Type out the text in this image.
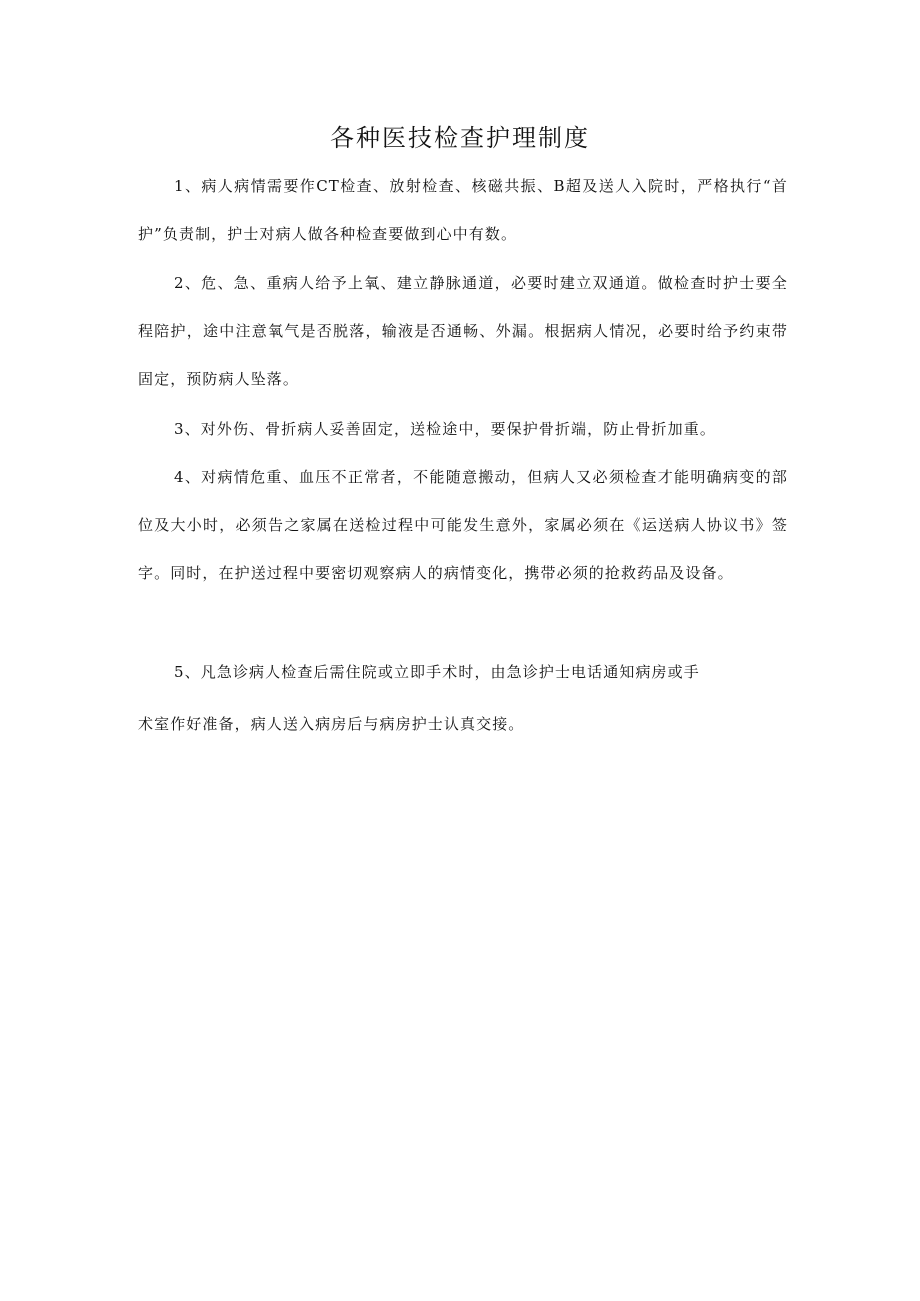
各种医技检查护理制度

1、病人病情需要作CT检查、放射检查、核磁共振、B超及送人入院时，严格执行“首护”负责制，护士对病人做各种检查要做到心中有数。

2、危、急、重病人给予上氧、建立静脉通道，必要时建立双通道。做检查时护士要全程陪护，途中注意氧气是否脱落，输液是否通畅、外漏。根据病人情况，必要时给予约束带固定，预防病人坠落。

3、对外伤、骨折病人妥善固定，送检途中，要保护骨折端，防止骨折加重。

4、对病情危重、血压不正常者，不能随意搬动，但病人又必须检查才能明确病变的部位及大小时，必须告之家属在送检过程中可能发生意外，家属必须在《运送病人协议书》签字。同时，在护送过程中要密切观察病人的病情变化，携带必须的抢救药品及设备。

5、凡急诊病人检查后需住院或立即手术时，由急诊护士电话通知病房或手

术室作好准备，病人送入病房后与病房护士认真交接。
